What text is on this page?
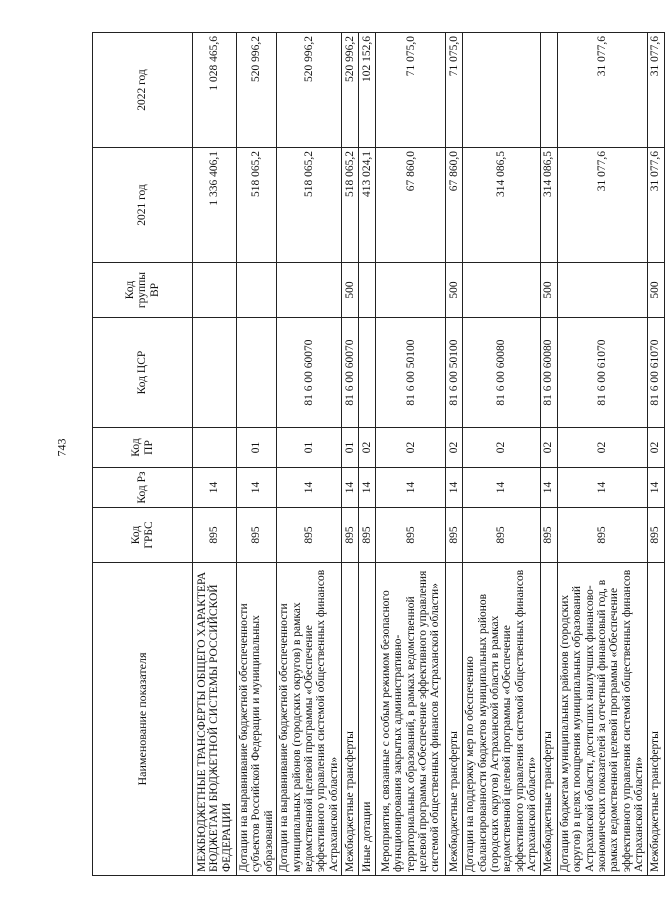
743
Наименование показателя	Код ГРБС	Код Рз	Код ПР	Код ЦСР	Код группы ВР	2021 год	2022 год
МЕЖБЮДЖЕТНЫЕ ТРАНСФЕРТЫ ОБЩЕГО ХАРАКТЕРА БЮДЖЕТАМ БЮДЖЕТНОЙ СИСТЕМЫ РОССИЙСКОЙ ФЕДЕРАЦИИ	895	14				1 336 406,1	1 028 465,6
Дотации на выравнивание бюджетной обеспеченности субъектов Российской Федерации и муниципальных образований	895	14	01			518 065,2	520 996,2
Дотации на выравнивание бюджетной обеспеченности муниципальных районов (городских округов) в рамках ведомственной целевой программы «Обеспечение эффективного управления системой общественных финансов Астраханской области»	895	14	01	81 6 00 60070		518 065,2	520 996,2
Межбюджетные трансферты	895	14	01	81 6 00 60070	500	518 065,2	520 996,2
Иные дотации	895	14	02			413 024,1	102 152,6
Мероприятия, связанные с особым режимом безопасного функционирования закрытых административно-территориальных образований, в рамках ведомственной целевой программы «Обеспечение эффективного управления системой общественных финансов Астраханской области»	895	14	02	81 6 00 50100		67 860,0	71 075,0
Межбюджетные трансферты	895	14	02	81 6 00 50100	500	67 860,0	71 075,0
Дотации на поддержку мер по обеспечению сбалансированности бюджетов муниципальных районов (городских округов) Астраханской области в рамках ведомственной целевой программы «Обеспечение эффективного управления системой общественных финансов Астраханской области»	895	14	02	81 6 00 60080		314 086,5	
Межбюджетные трансферты	895	14	02	81 6 00 60080	500	314 086,5	
Дотации бюджетам муниципальных районов (городских округов) в целях поощрения муниципальных образований Астраханской области, достигших наилучших финансово-экономических показателей за отчетный финансовый год, в рамках ведомственной целевой программы «Обеспечение эффективного управления системой общественных финансов Астраханской области»	895	14	02	81 6 00 61070		31 077,6	31 077,6
Межбюджетные трансферты	895	14	02	81 6 00 61070	500	31 077,6	31 077,6
